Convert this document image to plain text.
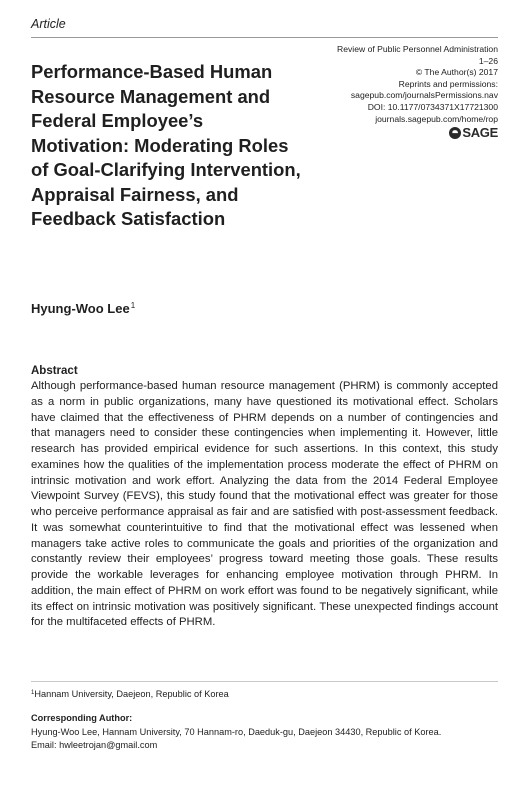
Article
Review of Public Personnel Administration
1–26
© The Author(s) 2017
Reprints and permissions:
sagepub.com/journalsPermissions.nav
DOI: 10.1177/0734371X17721300
journals.sagepub.com/home/rop
SAGE
Performance-Based Human Resource Management and Federal Employee’s Motivation: Moderating Roles of Goal-Clarifying Intervention, Appraisal Fairness, and Feedback Satisfaction
Hyung-Woo Lee$^1$
Abstract
Although performance-based human resource management (PHRM) is commonly accepted as a norm in public organizations, many have questioned its motivational effect. Scholars have claimed that the effectiveness of PHRM depends on a number of contingencies and that managers need to consider these contingencies when implementing it. However, little research has provided empirical evidence for such assertions. In this context, this study examines how the qualities of the implementation process moderate the effect of PHRM on intrinsic motivation and work effort. Analyzing the data from the 2014 Federal Employee Viewpoint Survey (FEVS), this study found that the motivational effect was greater for those who perceive performance appraisal as fair and are satisfied with post-assessment feedback. It was somewhat counterintuitive to find that the motivational effect was lessened when managers take active roles to communicate the goals and priorities of the organization and constantly review their employees’ progress toward meeting those goals. These results provide the workable leverages for enhancing employee motivation through PHRM. In addition, the main effect of PHRM on work effort was found to be negatively significant, while its effect on intrinsic motivation was positively significant. These unexpected findings account for the multifaceted effects of PHRM.
$^1$Hannam University, Daejeon, Republic of Korea
Corresponding Author:
Hyung-Woo Lee, Hannam University, 70 Hannam-ro, Daeduk-gu, Daejeon 34430, Republic of Korea.
Email: hwleetrojan@gmail.com
